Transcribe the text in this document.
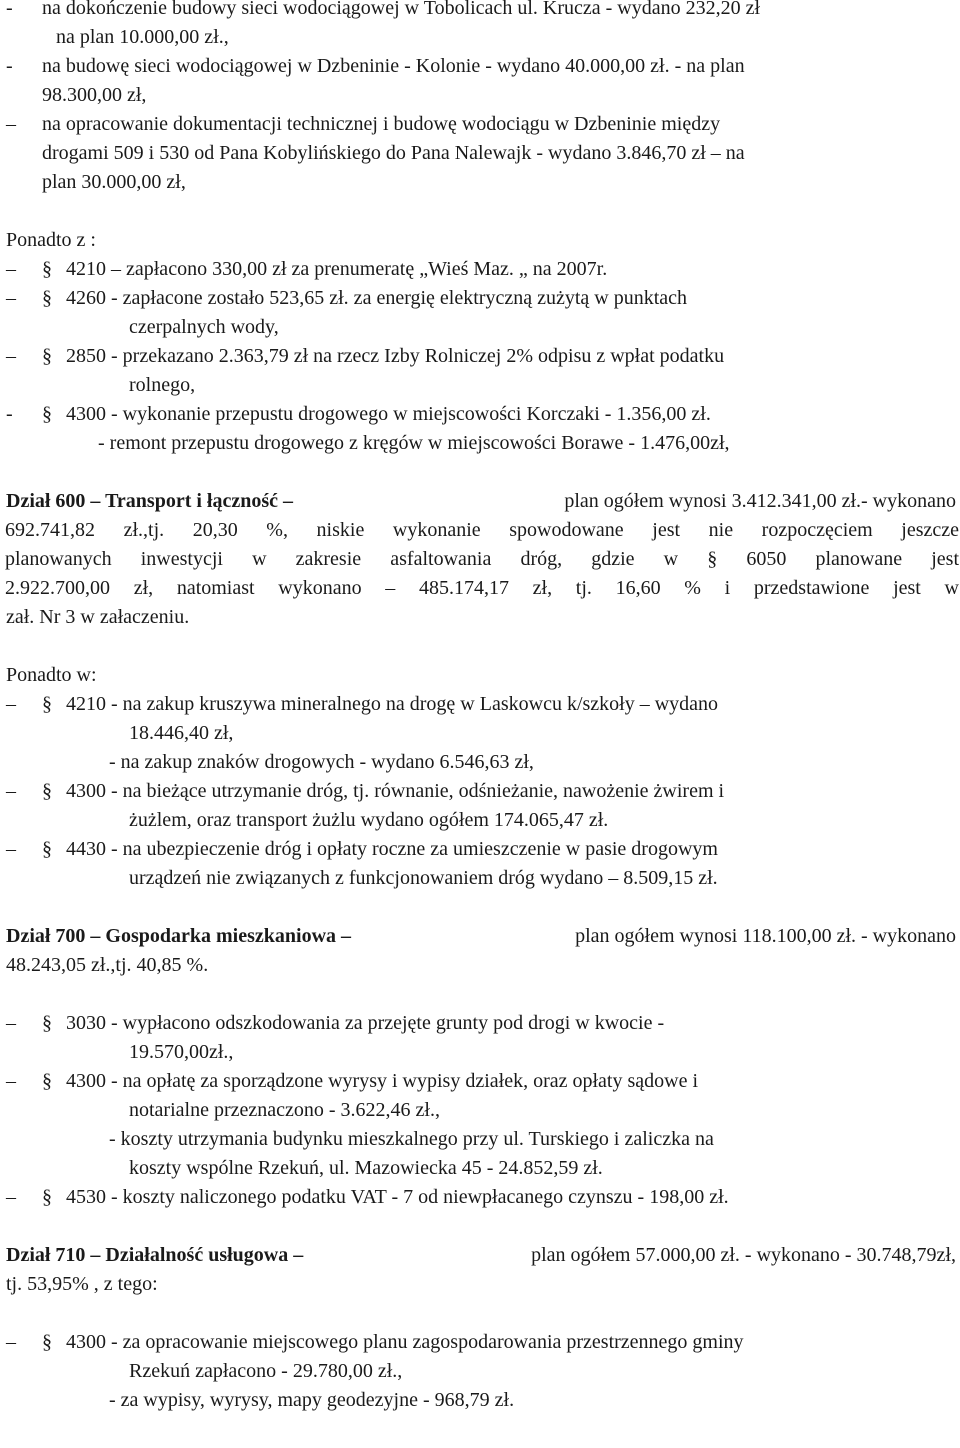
- na dokończenie budowy sieci wodociągowej w Tobolicach ul. Krucza - wydano 232,20 zł
na plan 10.000,00 zł.,
- na budowę sieci wodociągowej w Dzbeninie - Kolonie - wydano 40.000,00 zł. - na plan
98.300,00 zł,
– na opracowanie dokumentacji technicznej i budowę wodociągu w Dzbeninie między
drogami 509 i 530 od Pana Kobylińskiego do Pana Nalewajk - wydano 3.846,70 zł – na
plan 30.000,00 zł,
Ponadto z :
– § 4210 – zapłacono 330,00 zł za prenumeratę „Wieś Maz. „ na 2007r.
– § 4260 - zapłacone zostało 523,65 zł. za energię elektryczną zużytą w punktach
czerpalnych wody,
– § 2850 - przekazano 2.363,79 zł na rzecz Izby Rolniczej 2% odpisu z wpłat podatku
rolnego,
- § 4300 - wykonanie przepustu drogowego w miejscowości Korczaki - 1.356,00 zł.
- remont przepustu drogowego z kręgów w miejscowości Borawe - 1.476,00zł,
Dział 600 – Transport i łączność –	plan ogółem wynosi 3.412.341,00 zł.- wykonano
692.741,82 zł.,tj. 20,30 %, niskie wykonanie spowodowane jest nie rozpoczęciem jeszcze
planowanych inwestycji w zakresie asfaltowania dróg, gdzie w § 6050 planowane jest
2.922.700,00 zł, natomiast wykonano – 485.174,17 zł, tj. 16,60 % i przedstawione jest w
zał. Nr 3 w załaczeniu.
Ponadto w:
– § 4210 - na zakup kruszywa mineralnego na drogę w Laskowcu k/szkoły – wydano
18.446,40 zł,
- na zakup znaków drogowych - wydano 6.546,63 zł,
– § 4300 - na bieżące utrzymanie dróg, tj. równanie, odśnieżanie, nawożenie żwirem i
żużlem, oraz transport żużlu wydano ogółem 174.065,47 zł.
– § 4430 - na ubezpieczenie dróg i opłaty roczne za umieszczenie w pasie drogowym
urządzeń nie związanych z funkcjonowaniem dróg wydano – 8.509,15 zł.
Dział 700 – Gospodarka mieszkaniowa –	plan ogółem wynosi 118.100,00 zł. - wykonano
48.243,05 zł.,tj. 40,85 %.
– § 3030 - wypłacono odszkodowania za przejęte grunty pod drogi w kwocie -
19.570,00zł.,
– § 4300 - na opłatę za sporządzone wyrysy i wypisy działek, oraz opłaty sądowe i
notarialne przeznaczono - 3.622,46 zł.,
- koszty utrzymania budynku mieszkalnego przy ul. Turskiego i zaliczka na
koszty wspólne Rzekuń, ul. Mazowiecka 45 - 24.852,59 zł.
– § 4530 - koszty naliczonego podatku VAT - 7 od niewpłacanego czynszu - 198,00 zł.
Dział 710 – Działalność usługowa –	plan ogółem 57.000,00 zł. - wykonano - 30.748,79zł,
tj. 53,95% , z tego:
– § 4300 - za opracowanie miejscowego planu zagospodarowania przestrzennego gminy
Rzekuń zapłacono - 29.780,00 zł.,
- za wypisy, wyrysy, mapy geodezyjne - 968,79 zł.
